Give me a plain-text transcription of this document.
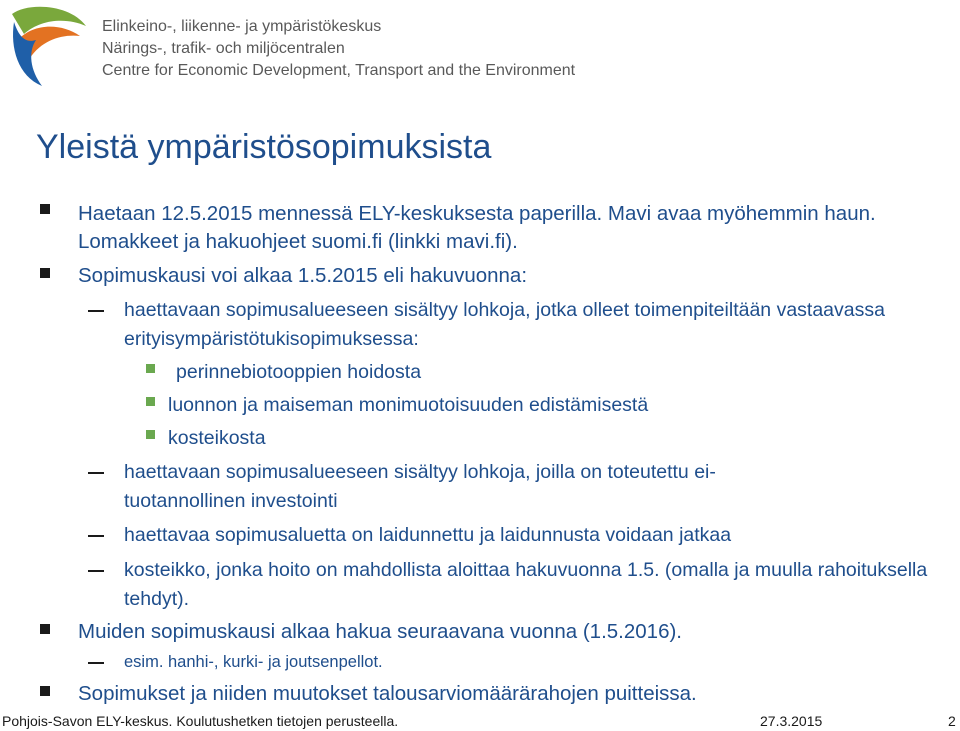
Elinkeino-, liikenne- ja ympäristökeskus
Närings-, trafik- och miljöcentralen
Centre for Economic Development, Transport and the Environment
Yleistä ympäristösopimuksista
Haetaan 12.5.2015 mennessä ELY-keskuksesta paperilla. Mavi avaa myöhemmin haun. Lomakkeet ja hakuohjeet suomi.fi (linkki mavi.fi).
Sopimuskausi voi alkaa 1.5.2015 eli hakuvuonna:
haettavaan sopimusalueeseen sisältyy lohkoja, jotka olleet toimenpiteiltään vastaavassa erityisympäristötukisopimuksessa:
perinnebiotooppien hoidosta
luonnon ja maiseman monimuotoisuuden edistämisestä
kosteikosta
haettavaan sopimusalueeseen sisältyy lohkoja, joilla on toteutettu ei-tuotannollinen investointi
haettavaa sopimusaluetta on laidunnettu ja laidunnusta voidaan jatkaa
kosteikko, jonka hoito on mahdollista aloittaa hakuvuonna 1.5. (omalla ja muulla rahoituksella tehdyt).
Muiden sopimuskausi alkaa hakua seuraavana vuonna (1.5.2016).
esim. hanhi-, kurki- ja joutsenpellot.
Sopimukset ja niiden muutokset talousarviomäärärahojen puitteissa.
Pohjois-Savon ELY-keskus. Koulutushetken tietojen perusteella.	27.3.2015	2
